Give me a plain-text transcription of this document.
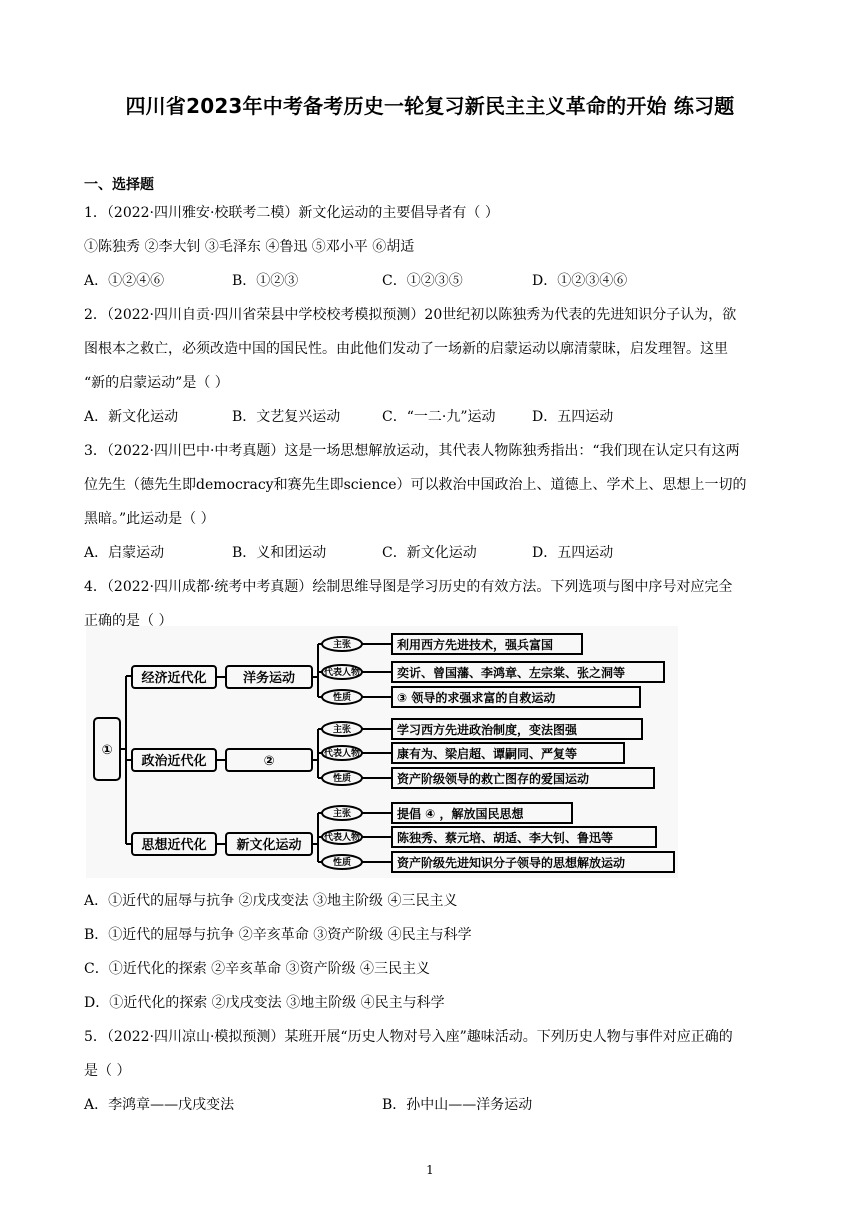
四川省2023年中考备考历史一轮复习新民主主义革命的开始 练习题
一、选择题
1．（2022·四川雅安·校联考二模）新文化运动的主要倡导者有（ ）
①陈独秀 ②李大钊 ③毛泽东 ④鲁迅 ⑤邓小平 ⑥胡适
A．①②④⑥	B．①②③	C．①②③⑤	D．①②③④⑥
2．（2022·四川自贡·四川省荣县中学校校考模拟预测）20世纪初以陈独秀为代表的先进知识分子认为，欲
图根本之救亡，必须改造中国的国民性。由此他们发动了一场新的启蒙运动以廓清蒙昧，启发理智。这里
“新的启蒙运动”是（ ）
A．新文化运动	B．文艺复兴运动	C．“一二·九”运动	D．五四运动
3．（2022·四川巴中·中考真题）这是一场思想解放运动，其代表人物陈独秀指出：“我们现在认定只有这两
位先生（德先生即democracy和赛先生即science）可以救治中国政治上、道德上、学术上、思想上一切的
黑暗。”此运动是（ ）
A．启蒙运动	B．义和团运动	C．新文化运动	D．五四运动
4．（2022·四川成都·统考中考真题）绘制思维导图是学习历史的有效方法。下列选项与图中序号对应完全
正确的是（ ）
①
经济近代化	洋务运动
主张
代表人物
性质
利用西方先进技术，强兵富国
奕䜣、曾国藩、李鸿章、左宗棠、张之洞等
③ 领导的求强求富的自救运动
政治近代化	②
主张
代表人物
性质
学习西方先进政治制度，变法图强
康有为、梁启超、谭嗣同、严复等
资产阶级领导的救亡图存的爱国运动
思想近代化 新文化运动
主张
代表人物
性质
提倡 ④ ，解放国民思想
陈独秀、蔡元培、胡适、李大钊、鲁迅等
资产阶级先进知识分子领导的思想解放运动
A．①近代的屈辱与抗争 ②戊戌变法 ③地主阶级 ④三民主义
B．①近代的屈辱与抗争 ②辛亥革命 ③资产阶级 ④民主与科学
C．①近代化的探索 ②辛亥革命 ③资产阶级 ④三民主义
D．①近代化的探索 ②戊戌变法 ③地主阶级 ④民主与科学
5．（2022·四川凉山·模拟预测）某班开展“历史人物对号入座”趣味活动。下列历史人物与事件对应正确的
是（ ）
A．李鸿章——戊戌变法	B．孙中山——洋务运动
1
